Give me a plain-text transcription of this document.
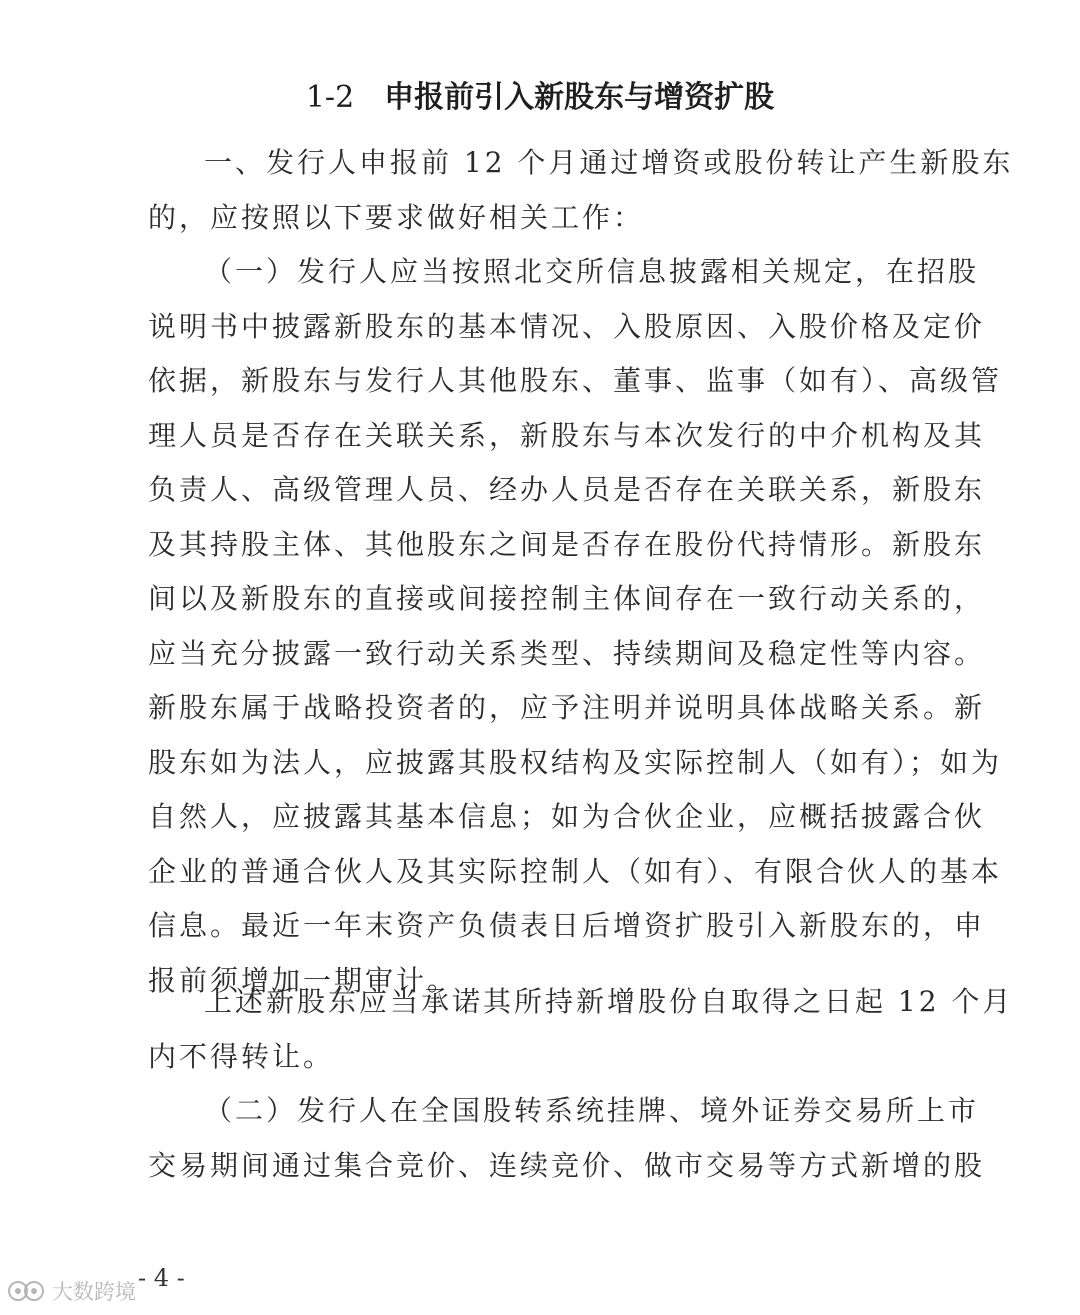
1-2 申报前引入新股东与增资扩股
一、发行人申报前 12 个月通过增资或股份转让产生新股东
的，应按照以下要求做好相关工作：
（一）发行人应当按照北交所信息披露相关规定，在招股
说明书中披露新股东的基本情况、入股原因、入股价格及定价
依据，新股东与发行人其他股东、董事、监事（如有）、高级管
理人员是否存在关联关系，新股东与本次发行的中介机构及其
负责人、高级管理人员、经办人员是否存在关联关系，新股东
及其持股主体、其他股东之间是否存在股份代持情形。新股东
间以及新股东的直接或间接控制主体间存在一致行动关系的，
应当充分披露一致行动关系类型、持续期间及稳定性等内容。
新股东属于战略投资者的，应予注明并说明具体战略关系。新
股东如为法人，应披露其股权结构及实际控制人（如有）；如为
自然人，应披露其基本信息；如为合伙企业，应概括披露合伙
企业的普通合伙人及其实际控制人（如有）、有限合伙人的基本
信息。最近一年末资产负债表日后增资扩股引入新股东的，申
报前须增加一期审计。
上述新股东应当承诺其所持新增股份自取得之日起 12 个月
内不得转让。
（二）发行人在全国股转系统挂牌、境外证券交易所上市
交易期间通过集合竞价、连续竞价、做市交易等方式新增的股
- 4 -
大数跨境
